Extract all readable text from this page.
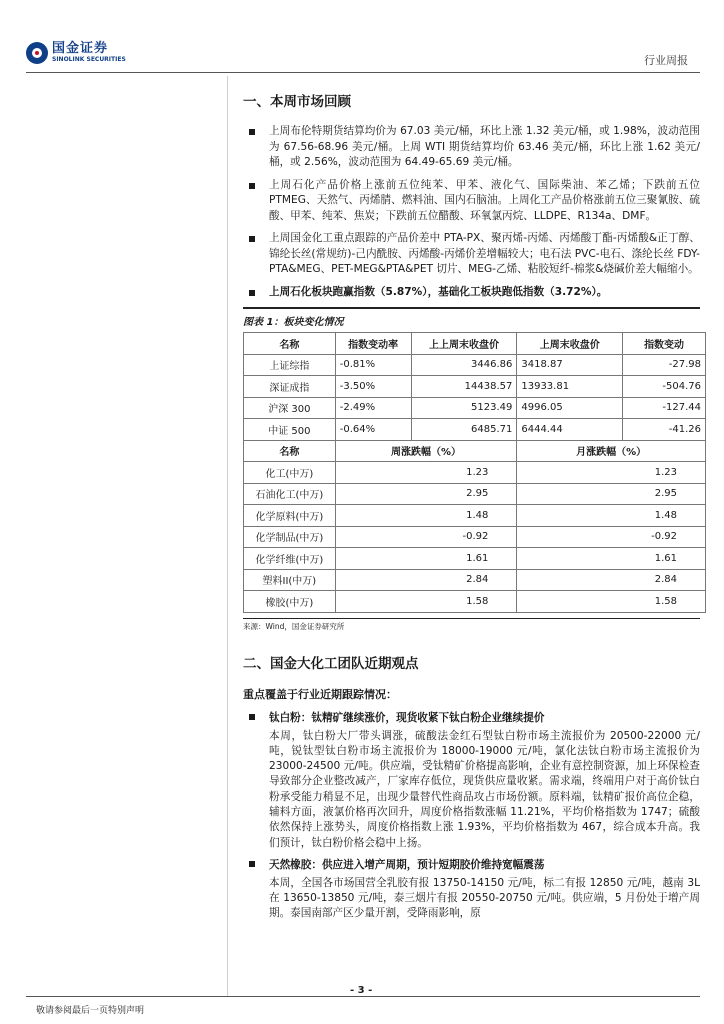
国金证券
SINOLINK SECURITIES	行业周报
一、本周市场回顾
上周布伦特期货结算均价为 67.03 美元/桶，环比上涨 1.32 美元/桶，或 1.98%，波动范围为 67.56-68.96 美元/桶。上周 WTI 期货结算均价 63.46 美元/桶，环比上涨 1.62 美元/桶，或 2.56%，波动范围为 64.49-65.69 美元/桶。
上周石化产品价格上涨前五位纯苯、甲苯、液化气、国际柴油、苯乙烯；下跌前五位 PTMEG、天然气、丙烯腈、燃料油、国内石脑油。上周化工产品价格涨前五位三聚氰胺、硫酸、甲苯、纯苯、焦炭；下跌前五位醋酸、环氧氯丙烷、LLDPE、R134a、DMF。
上周国金化工重点跟踪的产品价差中 PTA-PX、聚丙烯-丙烯、丙烯酸丁酯-丙烯酸&正丁醇、锦纶长丝(常规纺)-己内酰胺、丙烯酸-丙烯价差增幅较大；电石法 PVC-电石、涤纶长丝 FDY-PTA&MEG、PET-MEG&PTA&PET 切片、MEG-乙烯、粘胶短纤-棉浆&烧碱价差大幅缩小。
上周石化板块跑赢指数（5.87%），基础化工板块跑低指数（3.72%）。
图表 1：板块变化情况
名称	指数变动率	上上周末收盘价	上周末收盘价	指数变动
上证综指	-0.81%	3446.86	3418.87	-27.98
深证成指	-3.50%	14438.57	13933.81	-504.76
沪深 300	-2.49%	5123.49	4996.05	-127.44
中证 500	-0.64%	6485.71	6444.44	-41.26
名称	周涨跌幅（%）		月涨跌幅（%）	
化工(中万)	1.23		1.23	
石油化工(中万)	2.95		2.95	
化学原料(中万)	1.48		1.48	
化学制品(中万)	-0.92		-0.92	
化学纤维(中万)	1.61		1.61	
塑料II(中万)	2.84		2.84	
橡胶(中万)	1.58		1.58	
来源：Wind，国金证券研究所
二、国金大化工团队近期观点
重点覆盖于行业近期跟踪情况：
钛白粉：钛精矿继续涨价，现货收紧下钛白粉企业继续提价
本周，钛白粉大厂带头调涨，硫酸法金红石型钛白粉市场主流报价为 20500-22000 元/吨，锐钛型钛白粉市场主流报价为 18000-19000 元/吨，氯化法钛白粉市场主流报价为 23000-24500 元/吨。供应端，受钛精矿价格提高影响，企业有意控制资源，加上环保检查导致部分企业整改减产，厂家库存低位，现货供应量收紧。需求端，终端用户对于高价钛白粉承受能力稍显不足，出现少量替代性商品攻占市场份额。原料端，钛精矿报价高位企稳，辅料方面，液氯价格再次回升，周度价格指数涨幅 11.21%，平均价格指数为 1747；硫酸依然保持上涨势头，周度价格指数上涨 1.93%，平均价格指数为 467，综合成本升高。我们预计，钛白粉价格会稳中上扬。
天然橡胶：供应进入增产周期，预计短期胶价维持宽幅震荡
本周，全国各市场国营全乳胶有报 13750-14150 元/吨，标二有报 12850 元/吨，越南 3L 在 13650-13850 元/吨，泰三烟片有报 20550-20750 元/吨。供应端，5 月份处于增产周期。泰国南部产区少量开割，受降雨影响，原
- 3 -
敬请参阅最后一页特别声明
